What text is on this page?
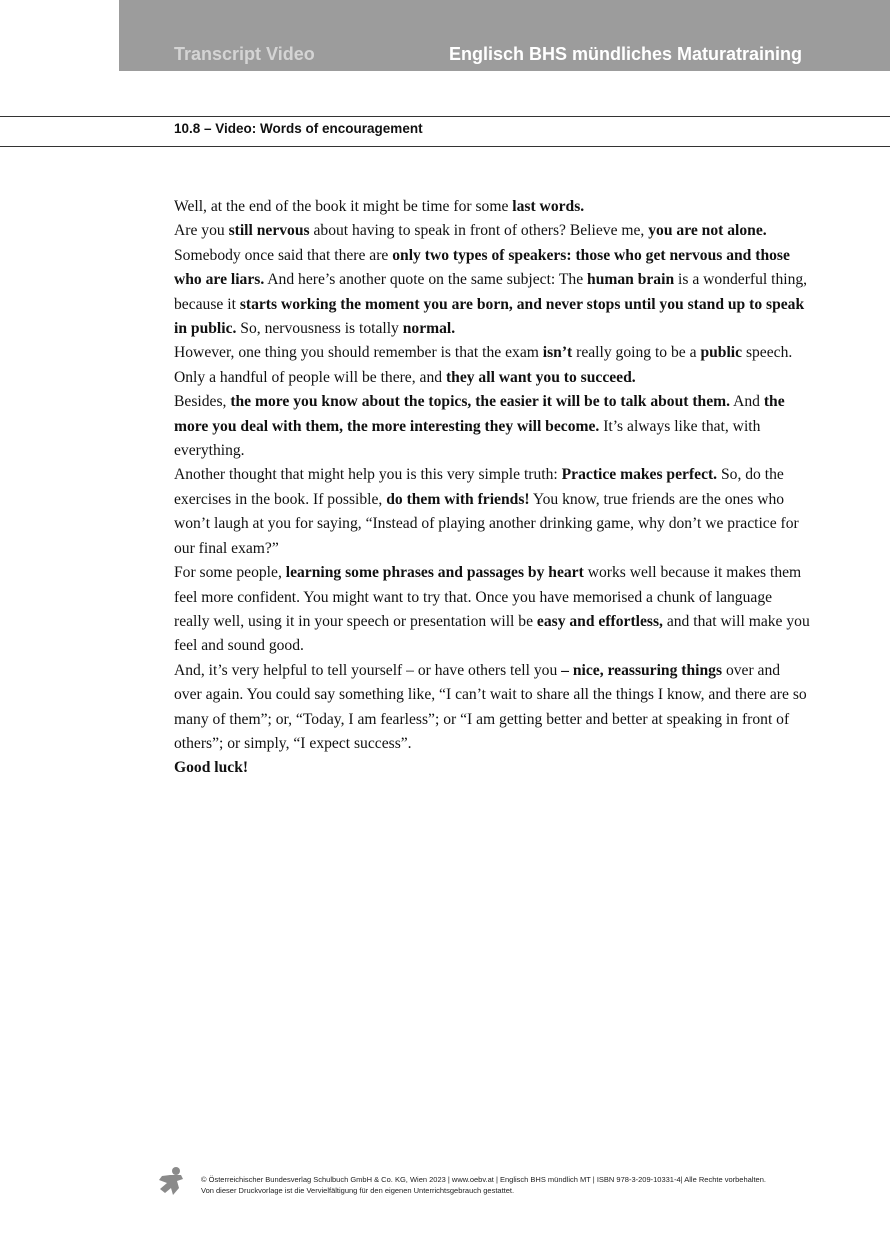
Transcript Video	Englisch BHS mündliches Maturatraining
10.8 – Video: Words of encouragement

Well, at the end of the book it might be time for some last words.

Are you still nervous about having to speak in front of others? Believe me, you are not alone. Somebody once said that there are only two types of speakers: those who get nervous and those who are liars. And here’s another quote on the same subject: The human brain is a wonderful thing, because it starts working the moment you are born, and never stops until you stand up to speak in public. So, nervousness is totally normal.

However, one thing you should remember is that the exam isn’t really going to be a public speech. Only a handful of people will be there, and they all want you to succeed.

Besides, the more you know about the topics, the easier it will be to talk about them. And the more you deal with them, the more interesting they will become. It’s always like that, with everything.

Another thought that might help you is this very simple truth: Practice makes perfect. So, do the exercises in the book. If possible, do them with friends! You know, true friends are the ones who won’t laugh at you for saying, “Instead of playing another drinking game, why don’t we practice for our final exam?”

For some people, learning some phrases and passages by heart works well because it makes them feel more confident. You might want to try that. Once you have memorised a chunk of language really well, using it in your speech or presentation will be easy and effortless, and that will make you feel and sound good.

And, it’s very helpful to tell yourself – or have others tell you – nice, reassuring things over and over again. You could say something like, “I can’t wait to share all the things I know, and there are so many of them”; or, “Today, I am fearless”; or “I am getting better and better at speaking in front of others”; or simply, “I expect success”.

Good luck!

© Österreichischer Bundesverlag Schulbuch GmbH & Co. KG, Wien 2023 | www.oebv.at | Englisch BHS mündlich MT | ISBN 978-3-209-10331-4| Alle Rechte vorbehalten.
Von dieser Druckvorlage ist die Vervielfältigung für den eigenen Unterrichtsgebrauch gestattet.
